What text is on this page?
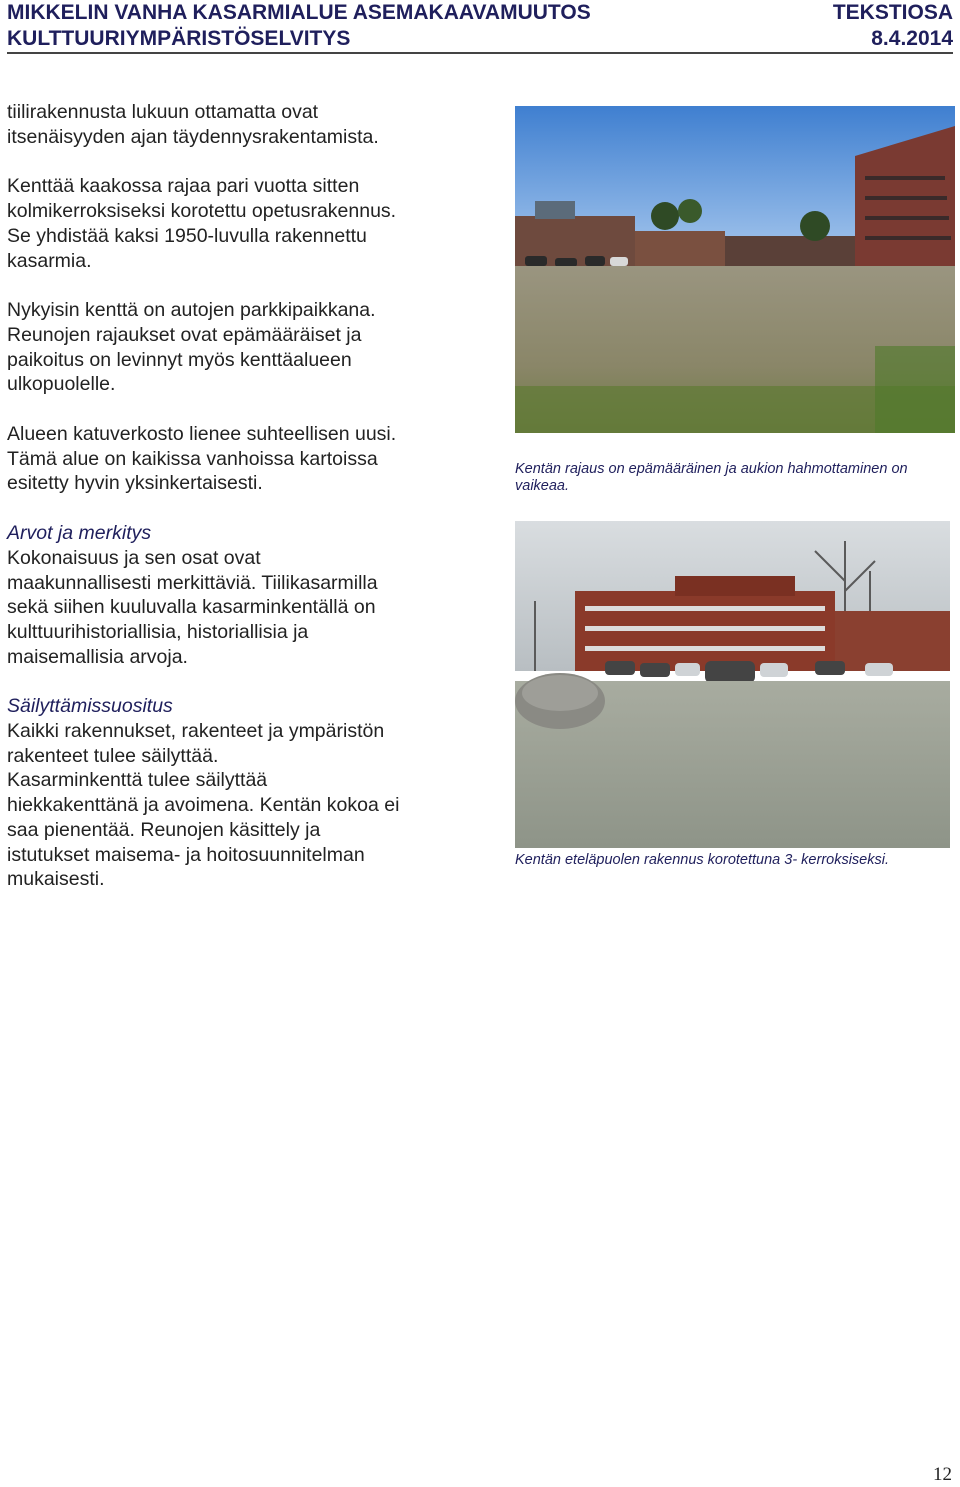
MIKKELIN VANHA KASARMIALUE ASEMAKAAVAMUUTOS
KULTTUURIYMPÄRISTÖSELVITYS
TEKSTIOSA
8.4.2014

tiilirakennusta lukuun ottamatta ovat
itsenäisyyden ajan täydennysrakentamista.

Kenttää kaakossa rajaa pari vuotta sitten
kolmikerroksiseksi korotettu opetusrakennus.
Se yhdistää kaksi 1950-luvulla rakennettu
kasarmia.

Nykyisin kenttä on autojen parkkipaikkana.
Reunojen rajaukset ovat epämääräiset ja
paikoitus on levinnyt myös kenttäalueen
ulkopuolelle.

Alueen katuverkosto lienee suhteellisen uusi.
Tämä alue on kaikissa vanhoissa kartoissa
esitetty hyvin yksinkertaisesti.

Arvot ja merkitys
Kokonaisuus ja sen osat ovat
maakunnallisesti merkittäviä. Tiilikasarmilla
sekä siihen kuuluvalla kasarminkentällä on
kulttuurihistoriallisia, historiallisia ja
maisemallisia arvoja.

Säilyttämissuositus
Kaikki rakennukset, rakenteet ja ympäristön
rakenteet tulee säilyttää.
Kasarminkenttä tulee säilyttää
hiekkakenttänä ja avoimena. Kentän kokoa ei
saa pienentää. Reunojen käsittely ja
istutukset maisema- ja hoitosuunnitelman
mukaisesti.

Kentän rajaus on epämääräinen ja aukion hahmottaminen on
vaikeaa.
Kentän eteläpuolen rakennus korotettuna 3- kerroksiseksi.
12
